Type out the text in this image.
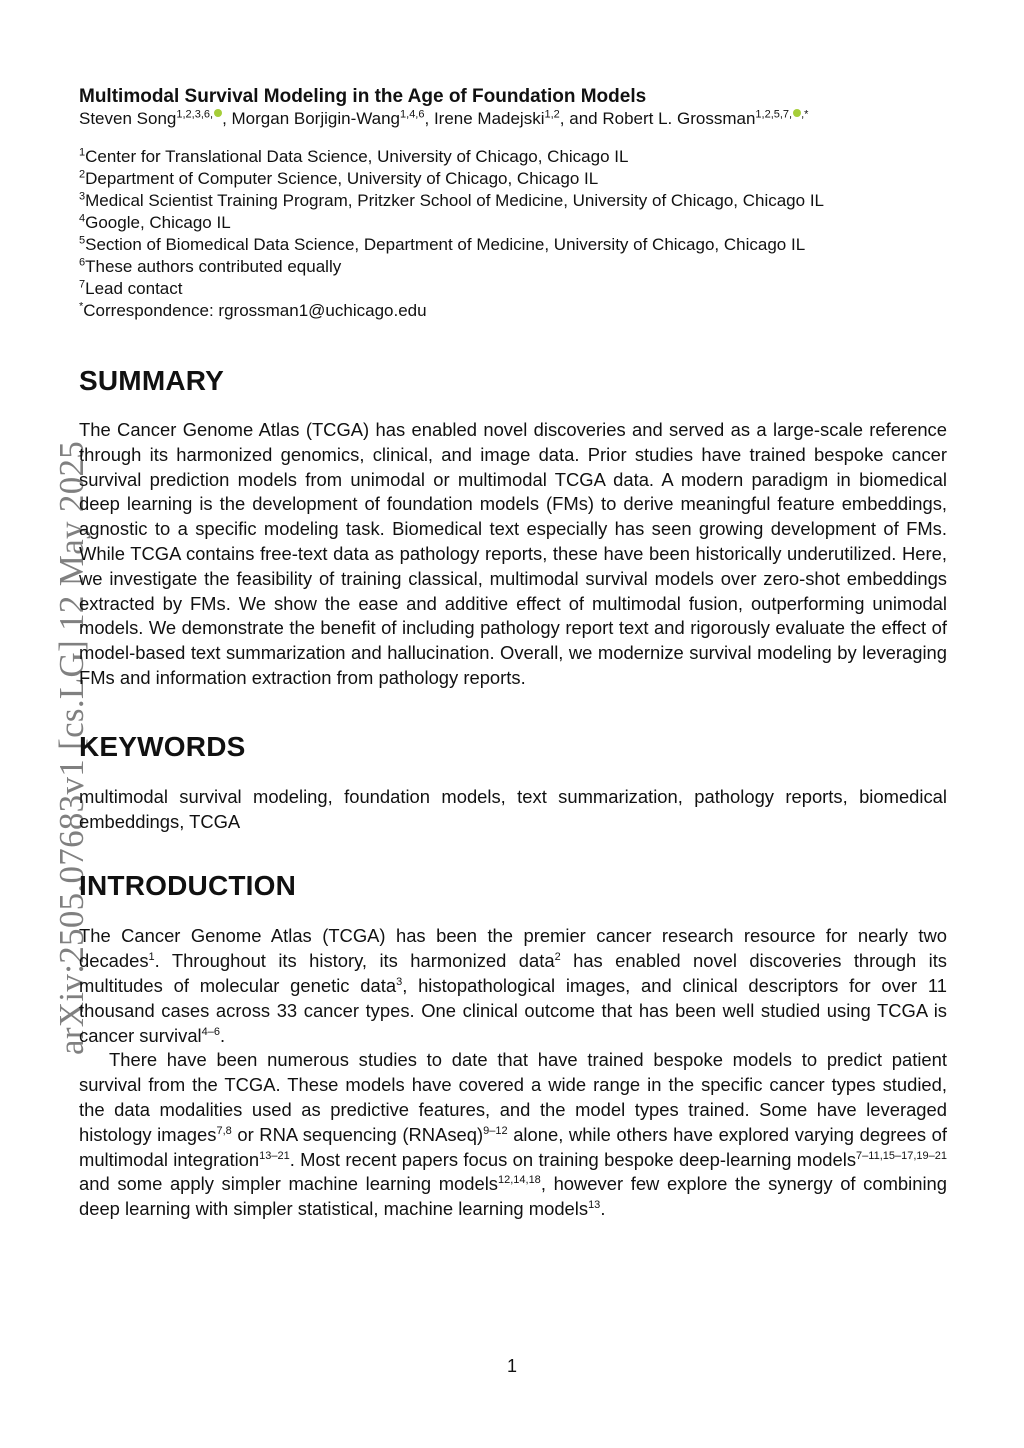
arXiv:2505.07683v1 [cs.LG] 12 May 2025

Multimodal Survival Modeling in the Age of Foundation Models

Steven Song$^{1,2,3,6,}$ , Morgan Borjigin-Wang$^{1,4,6}$, Irene Madejski$^{1,2}$, and Robert L. Grossman$^{1,2,5,7,}$ ,*

$^1$Center for Translational Data Science, University of Chicago, Chicago IL

$^2$Department of Computer Science, University of Chicago, Chicago IL

$^3$Medical Scientist Training Program, Pritzker School of Medicine, University of Chicago, Chicago IL

$^4$Google, Chicago IL

$^5$Section of Biomedical Data Science, Department of Medicine, University of Chicago, Chicago IL

$^6$These authors contributed equally

$^7$Lead contact

*Correspondence: rgrossman1@uchicago.edu

SUMMARY

The Cancer Genome Atlas (TCGA) has enabled novel discoveries and served as a large-scale reference through its harmonized genomics, clinical, and image data. Prior studies have trained bespoke cancer survival prediction models from unimodal or multimodal TCGA data. A modern paradigm in biomedical deep learning is the development of foundation models (FMs) to derive meaningful feature embeddings, agnostic to a specific modeling task. Biomedical text especially has seen growing development of FMs. While TCGA contains free-text data as pathology reports, these have been historically underutilized. Here, we investigate the feasibility of training classical, multimodal survival models over zero-shot embeddings extracted by FMs. We show the ease and additive effect of multimodal fusion, outperforming unimodal models. We demonstrate the benefit of including pathology report text and rigorously evaluate the effect of model-based text summarization and hallucination. Overall, we modernize survival modeling by leveraging FMs and information extraction from pathology reports.

KEYWORDS

multimodal survival modeling, foundation models, text summarization, pathology reports, biomedical embeddings, TCGA

INTRODUCTION

The Cancer Genome Atlas (TCGA) has been the premier cancer research resource for nearly two decades$^1$. Throughout its history, its harmonized data$^2$ has enabled novel discoveries through its multitudes of molecular genetic data$^3$, histopathological images, and clinical descriptors for over 11 thousand cases across 33 cancer types. One clinical outcome that has been well studied using TCGA is cancer survival$^{4-6}$.

There have been numerous studies to date that have trained bespoke models to predict patient survival from the TCGA. These models have covered a wide range in the specific cancer types studied, the data modalities used as predictive features, and the model types trained. Some have leveraged histology images$^{7,8}$ or RNA sequencing (RNAseq)$^{9-12}$ alone, while others have explored varying degrees of multimodal integration$^{13-21}$. Most recent papers focus on training bespoke deep-learning models$^{7-11,15-17,19-21}$ and some apply simpler machine learning models$^{12,14,18}$, however few explore the synergy of combining deep learning with simpler statistical, machine learning models$^{13}$.

1
